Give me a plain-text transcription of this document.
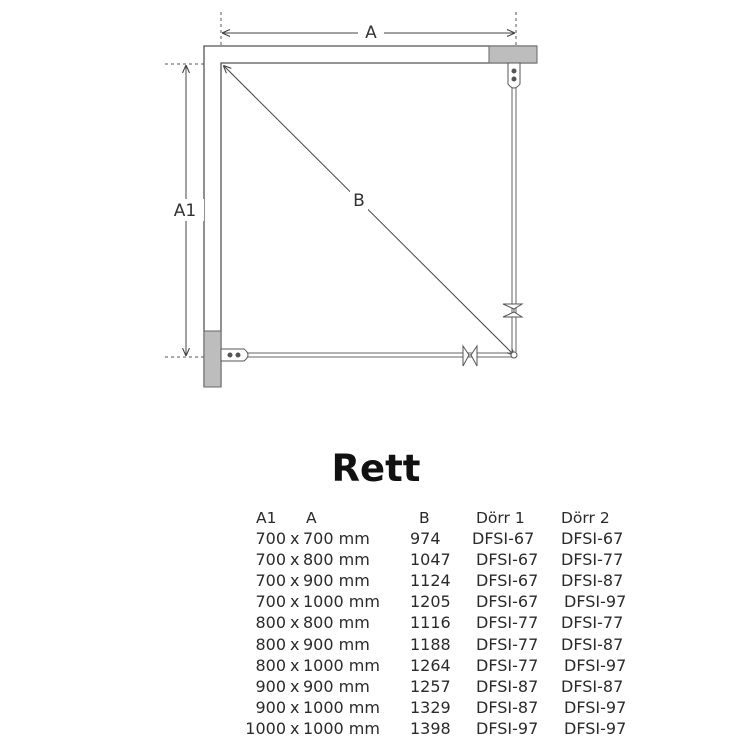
A
A1	B
Rett
A1 A	B	Dörr 1 Dörr 2
700 x 700 mm	974 DFSI-67 DFSI-67
700 x 800 mm	1047 DFSI-67 DFSI-77
700 x 900 mm	1124 DFSI-67 DFSI-87
700 x 1000 mm 1205 DFSI-67 DFSI-97
800 x 800 mm	1116 DFSI-77 DFSI-77
800 x 900 mm	1188 DFSI-77 DFSI-87
800 x 1000 mm 1264 DFSI-77 DFSI-97
900 x 900 mm	1257 DFSI-87 DFSI-87
900 x 1000 mm 1329 DFSI-87 DFSI-97
1000 x 1000 mm 1398 DFSI-97 DFSI-97
